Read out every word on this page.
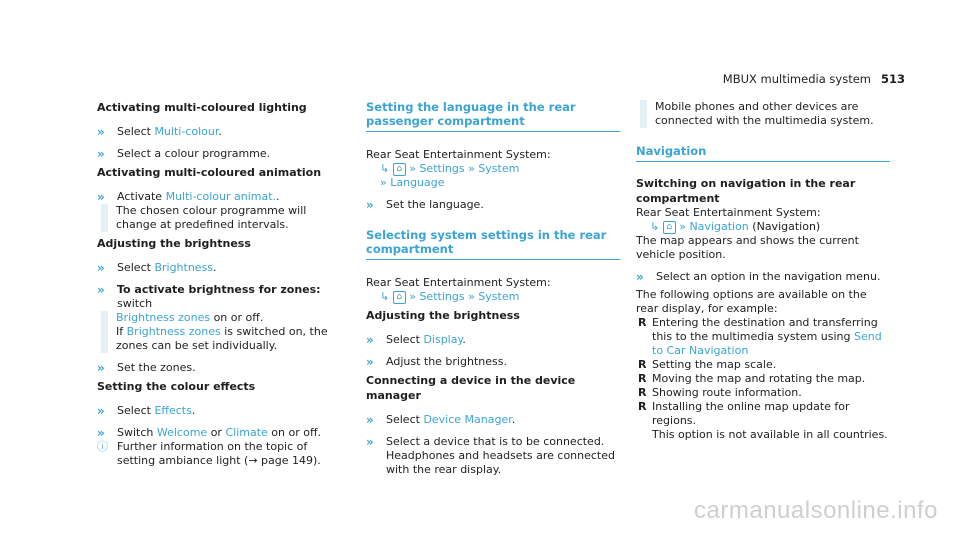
MBUX multimedia system 513

Activating multi-coloured lighting

» Select Multi-colour.

» Select a colour programme.

Activating multi-coloured animation

» Activate Multi-colour animat..

The chosen colour programme will change at predefined intervals.

Adjusting the brightness

» Select Brightness.

» To activate brightness for zones: switch

Brightness zones on or off.

If Brightness zones is switched on, the zones can be set individually.

» Set the zones.

Setting the colour effects

» Select Effects.

» Switch Welcome or Climate on or off.

ⓘ Further information on the topic of setting ambiance light (→ page 149).

Setting the language in the rear passenger compartment

Rear Seat Entertainment System:

↳ ⌂ » Settings » System

» Language

» Set the language.

Selecting system settings in the rear compartment

Rear Seat Entertainment System:

↳ ⌂ » Settings » System

Adjusting the brightness

» Select Display.

» Adjust the brightness.

Connecting a device in the device manager

» Select Device Manager.

» Select a device that is to be connected. Headphones and headsets are connected with the rear display.

Mobile phones and other devices are connected with the multimedia system.

Navigation

Switching on navigation in the rear compartment

Rear Seat Entertainment System:

↳ ⌂ » Navigation (Navigation)

The map appears and shows the current vehicle position.

» Select an option in the navigation menu.

The following options are available on the rear display, for example:

R Entering the destination and transferring this to the multimedia system using Send to Car Navigation

R Setting the map scale.

R Moving the map and rotating the map.

R Showing route information.

R Installing the online map update for regions.

This option is not available in all countries.

carmanualsonline.info
